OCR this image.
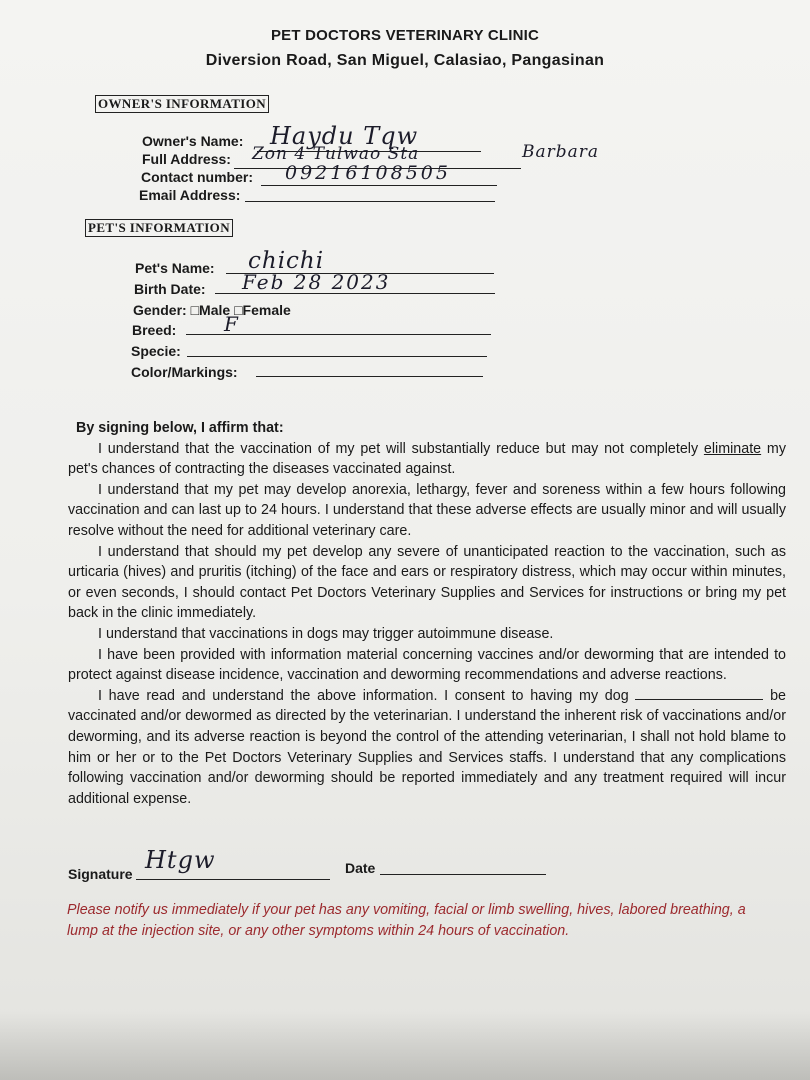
PET DOCTORS VETERINARY CLINIC
Diversion Road, San Miguel, Calasiao, Pangasinan
OWNER'S INFORMATION
Owner's Name: Haydu Tqw
Full Address: Zon 4 Tulwao Sta	Barbara
Contact number: 09216108505
Email Address:
PET'S INFORMATION
Pet's Name: chichi
Birth Date: Feb 28 2023
Gender: □Male □Female
Breed: F
Specie:
Color/Markings:

By signing below, I affirm that:

I understand that the vaccination of my pet will substantially reduce but may not completely eliminate my pet's chances of contracting the diseases vaccinated against.

I understand that my pet may develop anorexia, lethargy, fever and soreness within a few hours following vaccination and can last up to 24 hours. I understand that these adverse effects are usually minor and will usually resolve without the need for additional veterinary care.

I understand that should my pet develop any severe of unanticipated reaction to the vaccination, such as urticaria (hives) and pruritis (itching) of the face and ears or respiratory distress, which may occur within minutes, or even seconds, I should contact Pet Doctors Veterinary Supplies and Services for instructions or bring my pet back in the clinic immediately.

I understand that vaccinations in dogs may trigger autoimmune disease.

I have been provided with information material concerning vaccines and/or deworming that are intended to protect against disease incidence, vaccination and deworming recommendations and adverse reactions.

I have read and understand the above information. I consent to having my dog	be vaccinated and/or dewormed as directed by the veterinarian. I understand the inherent risk of vaccinations and/or deworming, and its adverse reaction is beyond the control of the attending veterinarian, I shall not hold blame to him or her or to the Pet Doctors Veterinary Supplies and Services staffs. I understand that any complications following vaccination and/or deworming should be reported immediately and any treatment required will incur additional expense.

Signature Htgw	Date
Please notify us immediately if your pet has any vomiting, facial or limb swelling, hives, labored breathing, a lump at the injection site, or any other symptoms within 24 hours of vaccination.
